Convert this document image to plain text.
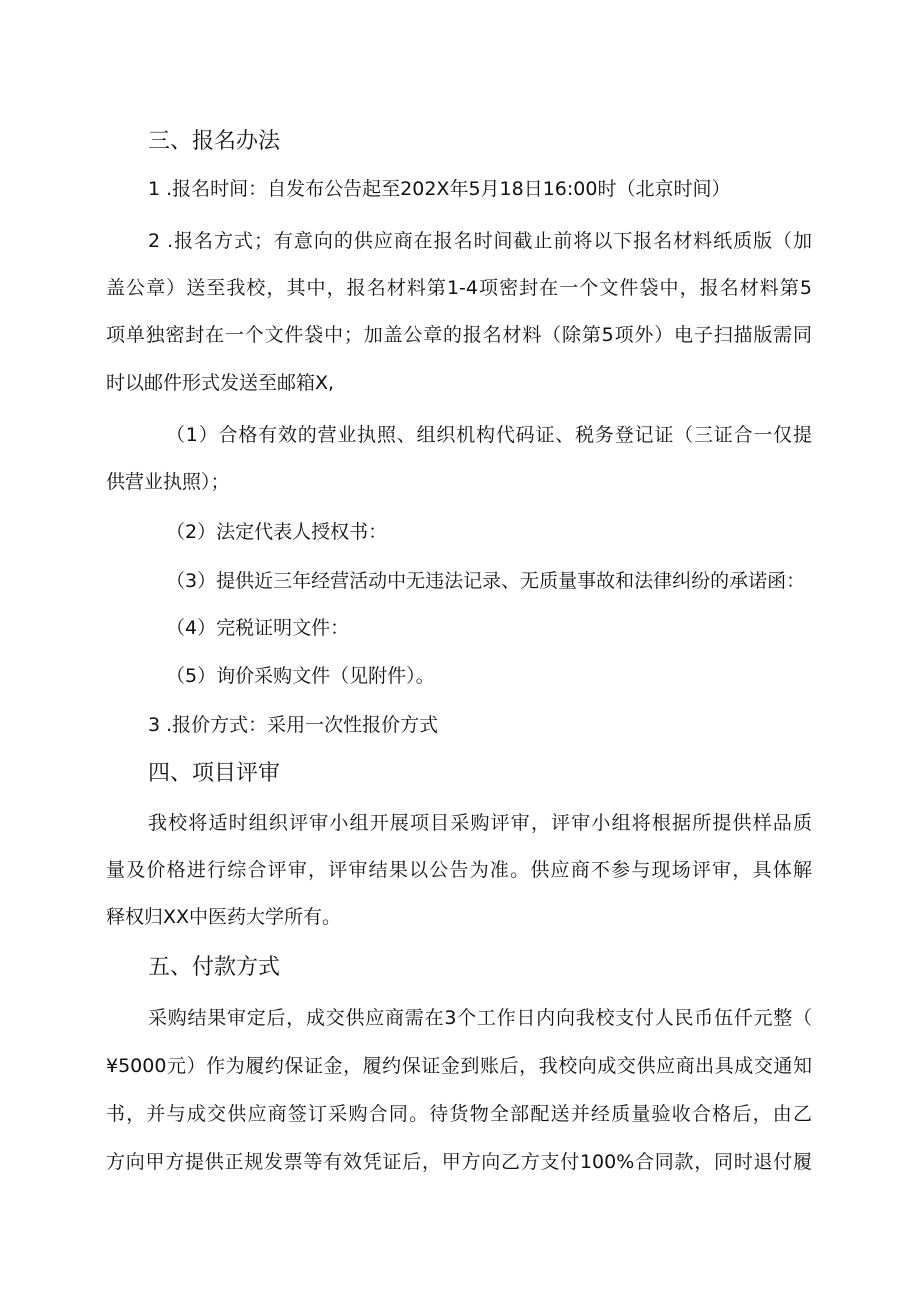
三、报名办法
1 .报名时间：自发布公告起至202X年5月18日16:00时（北京时间）
2 .报名方式；有意向的供应商在报名时间截止前将以下报名材料纸质版（加
盖公章）送至我校，其中，报名材料第1-4项密封在一个文件袋中，报名材料第5
项单独密封在一个文件袋中；加盖公章的报名材料（除第5项外）电子扫描版需同
时以邮件形式发送至邮箱X,
（1）合格有效的营业执照、组织机构代码证、税务登记证（三证合一仅提
供营业执照）；
（2）法定代表人授权书：
（3）提供近三年经营活动中无违法记录、无质量事故和法律纠纷的承诺函：
（4）完税证明文件：
（5）询价采购文件（见附件）。
3 .报价方式：采用一次性报价方式
四、项目评审
我校将适时组织评审小组开展项目采购评审，评审小组将根据所提供样品质
量及价格进行综合评审，评审结果以公告为准。供应商不参与现场评审，具体解
释权归XX中医药大学所有。
五、付款方式
采购结果审定后，成交供应商需在3个工作日内向我校支付人民币伍仟元整（
¥5000元）作为履约保证金，履约保证金到账后，我校向成交供应商出具成交通知
书，并与成交供应商签订采购合同。待货物全部配送并经质量验收合格后，由乙
方向甲方提供正规发票等有效凭证后，甲方向乙方支付100%合同款，同时退付履
